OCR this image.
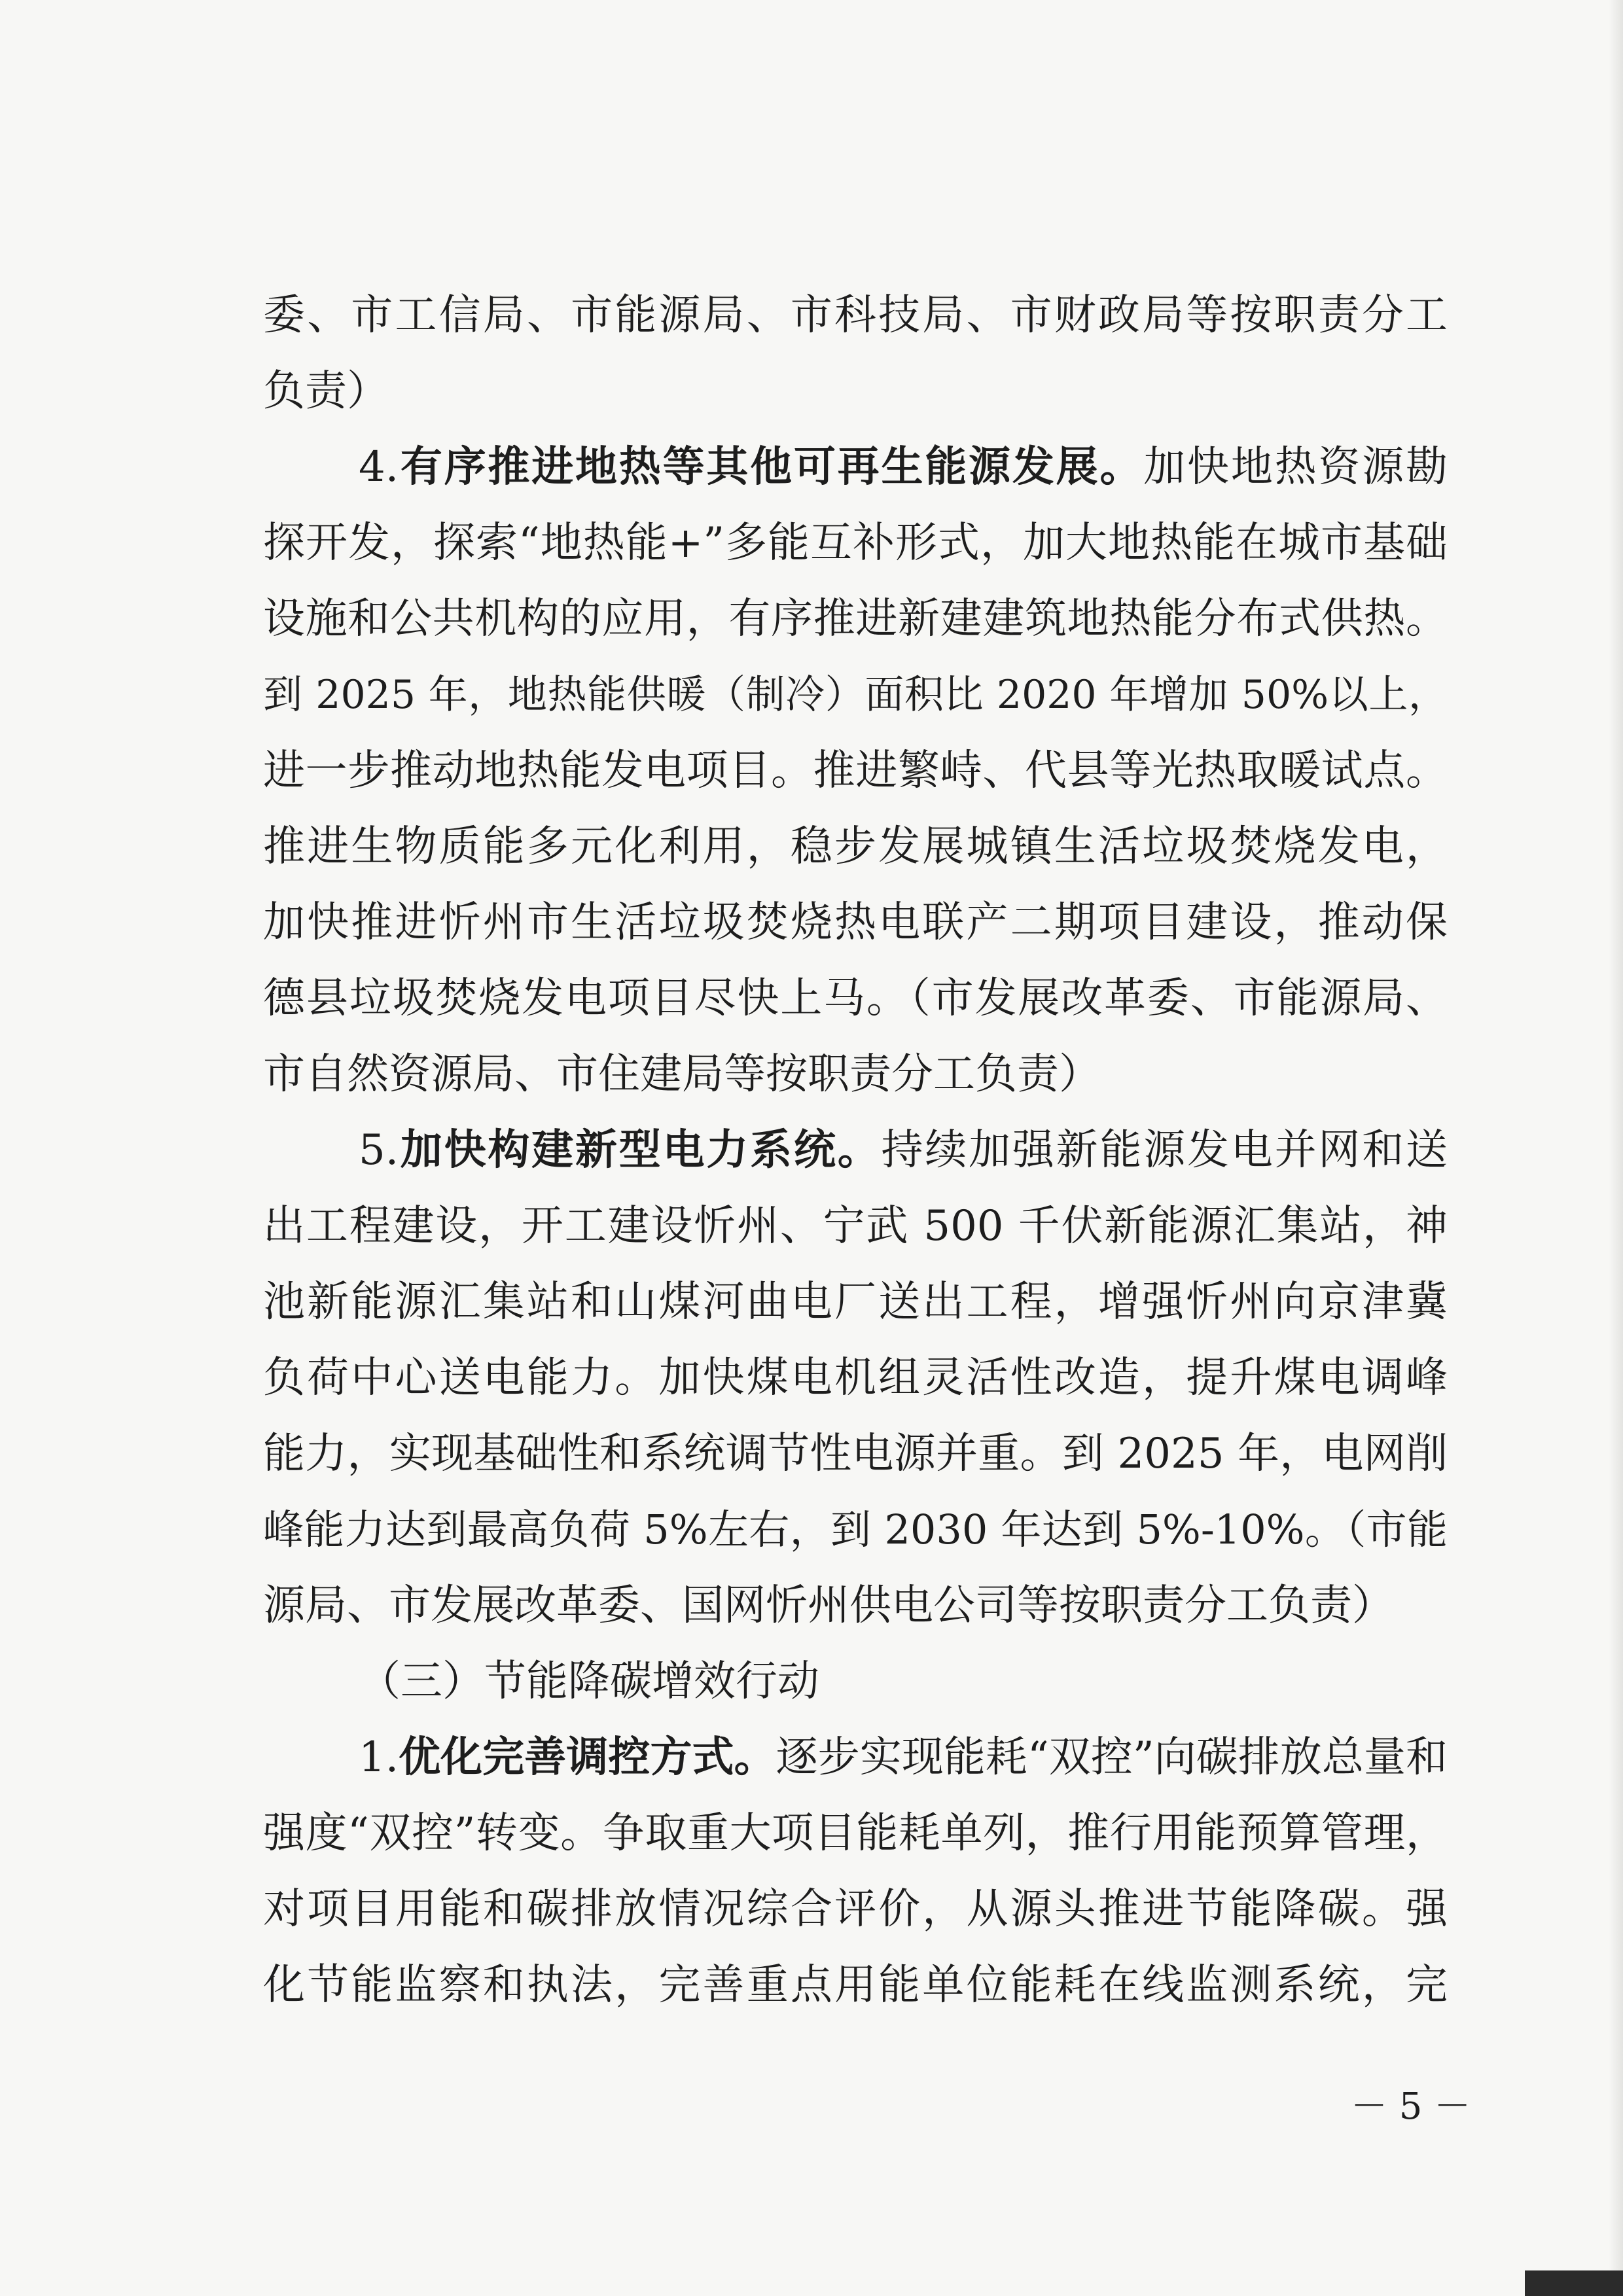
委、市工信局、市能源局、市科技局、市财政局等按职责分工
负责）
4.有序推进地热等其他可再生能源发展。加快地热资源勘
探开发，探索“地热能+”多能互补形式，加大地热能在城市基础
设施和公共机构的应用，有序推进新建建筑地热能分布式供热。
到 2025 年，地热能供暖（制冷）面积比 2020 年增加 50%以上，
进一步推动地热能发电项目。推进繁峙、代县等光热取暖试点。
推进生物质能多元化利用，稳步发展城镇生活垃圾焚烧发电，
加快推进忻州市生活垃圾焚烧热电联产二期项目建设，推动保
德县垃圾焚烧发电项目尽快上马。（市发展改革委、市能源局、
市自然资源局、市住建局等按职责分工负责）
5.加快构建新型电力系统。持续加强新能源发电并网和送
出工程建设，开工建设忻州、宁武 500 千伏新能源汇集站，神
池新能源汇集站和山煤河曲电厂送出工程，增强忻州向京津冀
负荷中心送电能力。加快煤电机组灵活性改造，提升煤电调峰
能力，实现基础性和系统调节性电源并重。到 2025 年，电网削
峰能力达到最高负荷 5%左右，到 2030 年达到 5%-10%。（市能
源局、市发展改革委、国网忻州供电公司等按职责分工负责）
（三）节能降碳增效行动
1.优化完善调控方式。逐步实现能耗“双控”向碳排放总量和
强度“双控”转变。争取重大项目能耗单列，推行用能预算管理，
对项目用能和碳排放情况综合评价，从源头推进节能降碳。强
化节能监察和执法，完善重点用能单位能耗在线监测系统，完
－ 5 －
